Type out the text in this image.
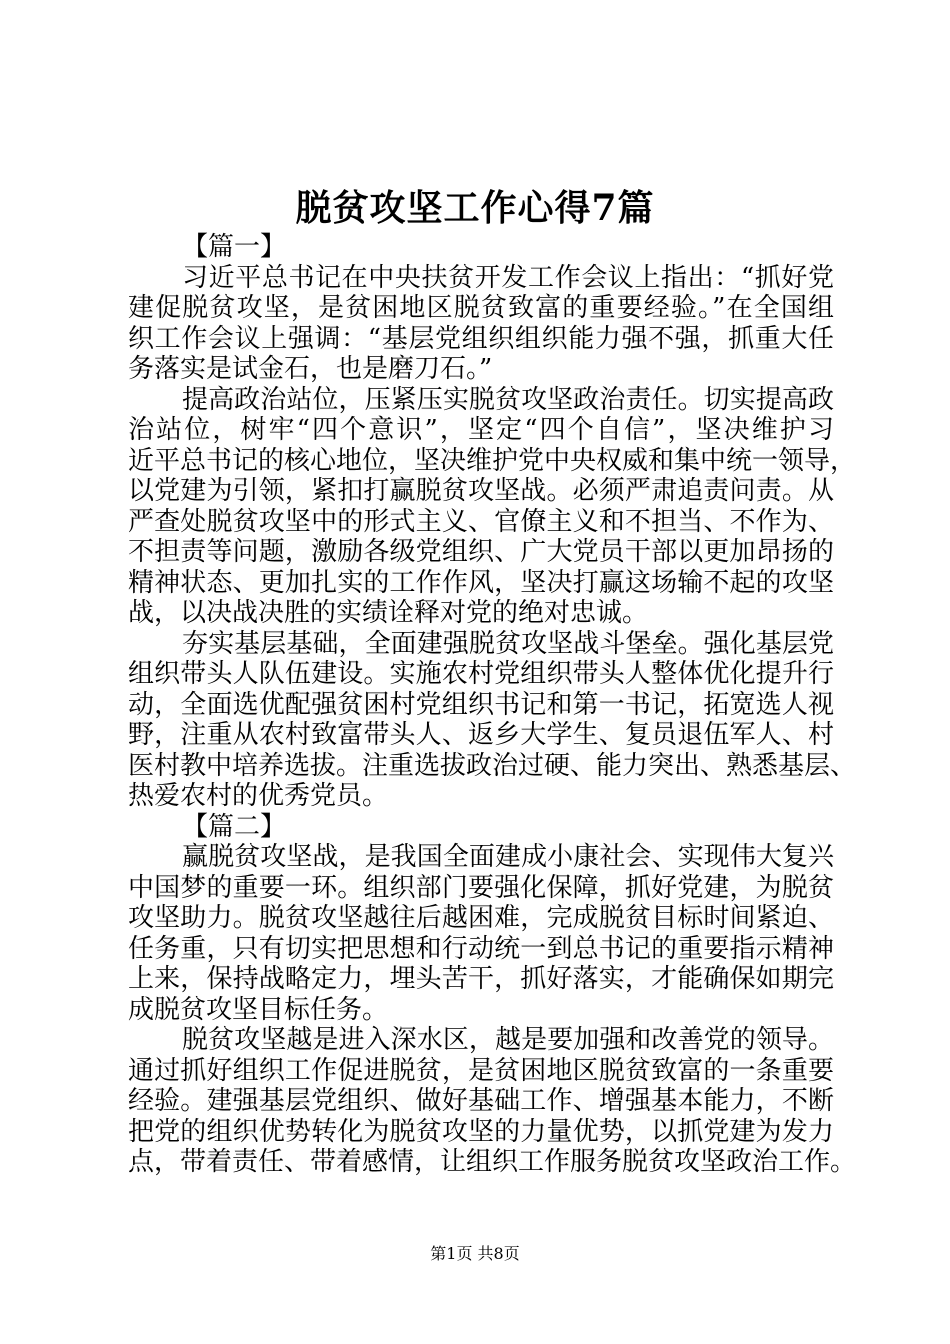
脱贫攻坚工作心得7篇
【篇一】
习近平总书记在中央扶贫开发工作会议上指出：“抓好党
建促脱贫攻坚，是贫困地区脱贫致富的重要经验。”在全国组
织工作会议上强调：“基层党组织组织能力强不强，抓重大任
务落实是试金石，也是磨刀石。”
提高政治站位，压紧压实脱贫攻坚政治责任。切实提高政
治站位，树牢“四个意识”，坚定“四个自信”，坚决维护习
近平总书记的核心地位，坚决维护党中央权威和集中统一领导，
以党建为引领，紧扣打赢脱贫攻坚战。必须严肃追责问责。从
严查处脱贫攻坚中的形式主义、官僚主义和不担当、不作为、
不担责等问题，激励各级党组织、广大党员干部以更加昂扬的
精神状态、更加扎实的工作作风，坚决打赢这场输不起的攻坚
战，以决战决胜的实绩诠释对党的绝对忠诚。
夯实基层基础，全面建强脱贫攻坚战斗堡垒。强化基层党
组织带头人队伍建设。实施农村党组织带头人整体优化提升行
动，全面选优配强贫困村党组织书记和第一书记，拓宽选人视
野，注重从农村致富带头人、返乡大学生、复员退伍军人、村
医村教中培养选拔。注重选拔政治过硬、能力突出、熟悉基层、
热爱农村的优秀党员。
【篇二】
赢脱贫攻坚战，是我国全面建成小康社会、实现伟大复兴
中国梦的重要一环。组织部门要强化保障，抓好党建，为脱贫
攻坚助力。脱贫攻坚越往后越困难，完成脱贫目标时间紧迫、
任务重，只有切实把思想和行动统一到总书记的重要指示精神
上来，保持战略定力，埋头苦干，抓好落实，才能确保如期完
成脱贫攻坚目标任务。
脱贫攻坚越是进入深水区，越是要加强和改善党的领导。
通过抓好组织工作促进脱贫，是贫困地区脱贫致富的一条重要
经验。建强基层党组织、做好基础工作、增强基本能力，不断
把党的组织优势转化为脱贫攻坚的力量优势，以抓党建为发力
点，带着责任、带着感情，让组织工作服务脱贫攻坚政治工作。
第1页 共8页
